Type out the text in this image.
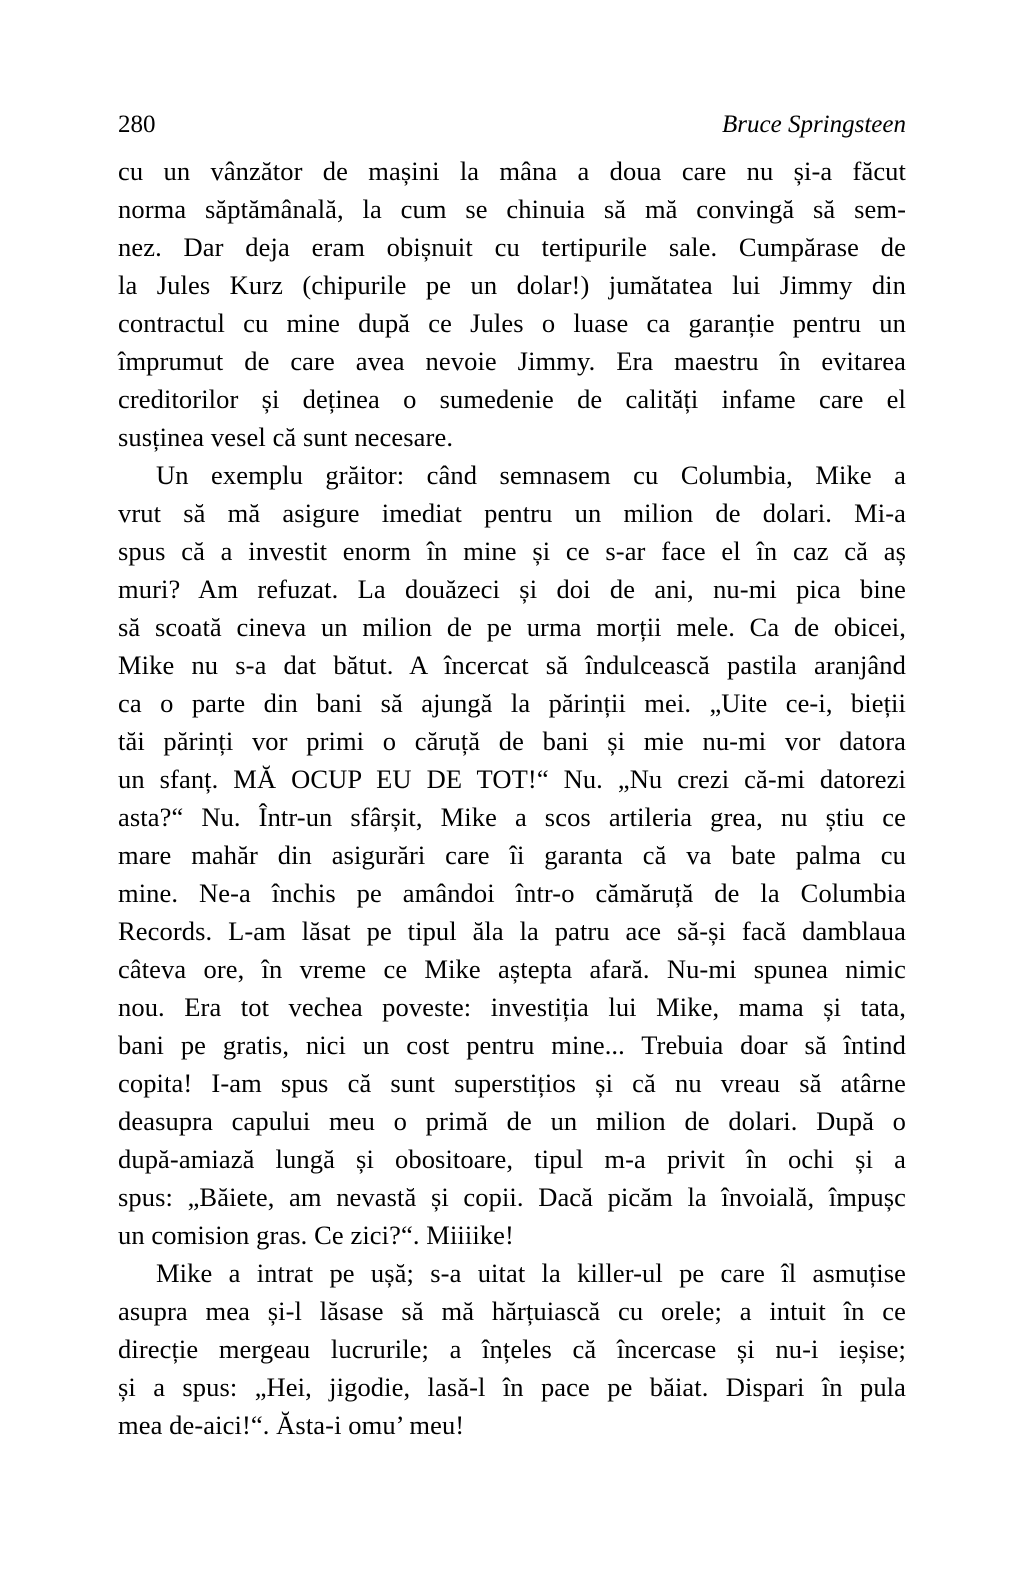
280	Bruce Springsteen
cu un vânzător de mașini la mâna a doua care nu și-a făcut
norma săptămânală, la cum se chinuia să mă convingă să sem-
nez. Dar deja eram obișnuit cu tertipurile sale. Cumpărase de
la Jules Kurz (chipurile pe un dolar!) jumătatea lui Jimmy din
contractul cu mine după ce Jules o luase ca garanție pentru un
împrumut de care avea nevoie Jimmy. Era maestru în evitarea
creditorilor și deținea o sumedenie de calități infame care el
susținea vesel că sunt necesare.
Un exemplu grăitor: când semnasem cu Columbia, Mike a
vrut să mă asigure imediat pentru un milion de dolari. Mi-a
spus că a investit enorm în mine și ce s-ar face el în caz că aș
muri? Am refuzat. La douăzeci și doi de ani, nu-mi pica bine
să scoată cineva un milion de pe urma morții mele. Ca de obicei,
Mike nu s-a dat bătut. A încercat să îndulcească pastila aranjând
ca o parte din bani să ajungă la părinții mei. „Uite ce-i, bieții
tăi părinți vor primi o căruță de bani și mie nu-mi vor datora
un sfanț. MĂ OCUP EU DE TOT!“ Nu. „Nu crezi că-mi datorezi
asta?“ Nu. Într-un sfârșit, Mike a scos artileria grea, nu știu ce
mare mahăr din asigurări care îi garanta că va bate palma cu
mine. Ne-a închis pe amândoi într-o cămăruță de la Columbia
Records. L-am lăsat pe tipul ăla la patru ace să-și facă damblaua
câteva ore, în vreme ce Mike aștepta afară. Nu-mi spunea nimic
nou. Era tot vechea poveste: investiția lui Mike, mama și tata,
bani pe gratis, nici un cost pentru mine... Trebuia doar să întind
copita! I-am spus că sunt superstițios și că nu vreau să atârne
deasupra capului meu o primă de un milion de dolari. După o
după-amiază lungă și obositoare, tipul m-a privit în ochi și a
spus: „Băiete, am nevastă și copii. Dacă picăm la învoială, împușc
un comision gras. Ce zici?“. Miiiike!
Mike a intrat pe ușă; s-a uitat la killer-ul pe care îl asmuțise
asupra mea și-l lăsase să mă hărțuiască cu orele; a intuit în ce
direcție mergeau lucrurile; a înțeles că încercase și nu-i ieșise;
și a spus: „Hei, jigodie, lasă-l în pace pe băiat. Dispari în pula
mea de-aici!“. Ăsta-i omu’ meu!
